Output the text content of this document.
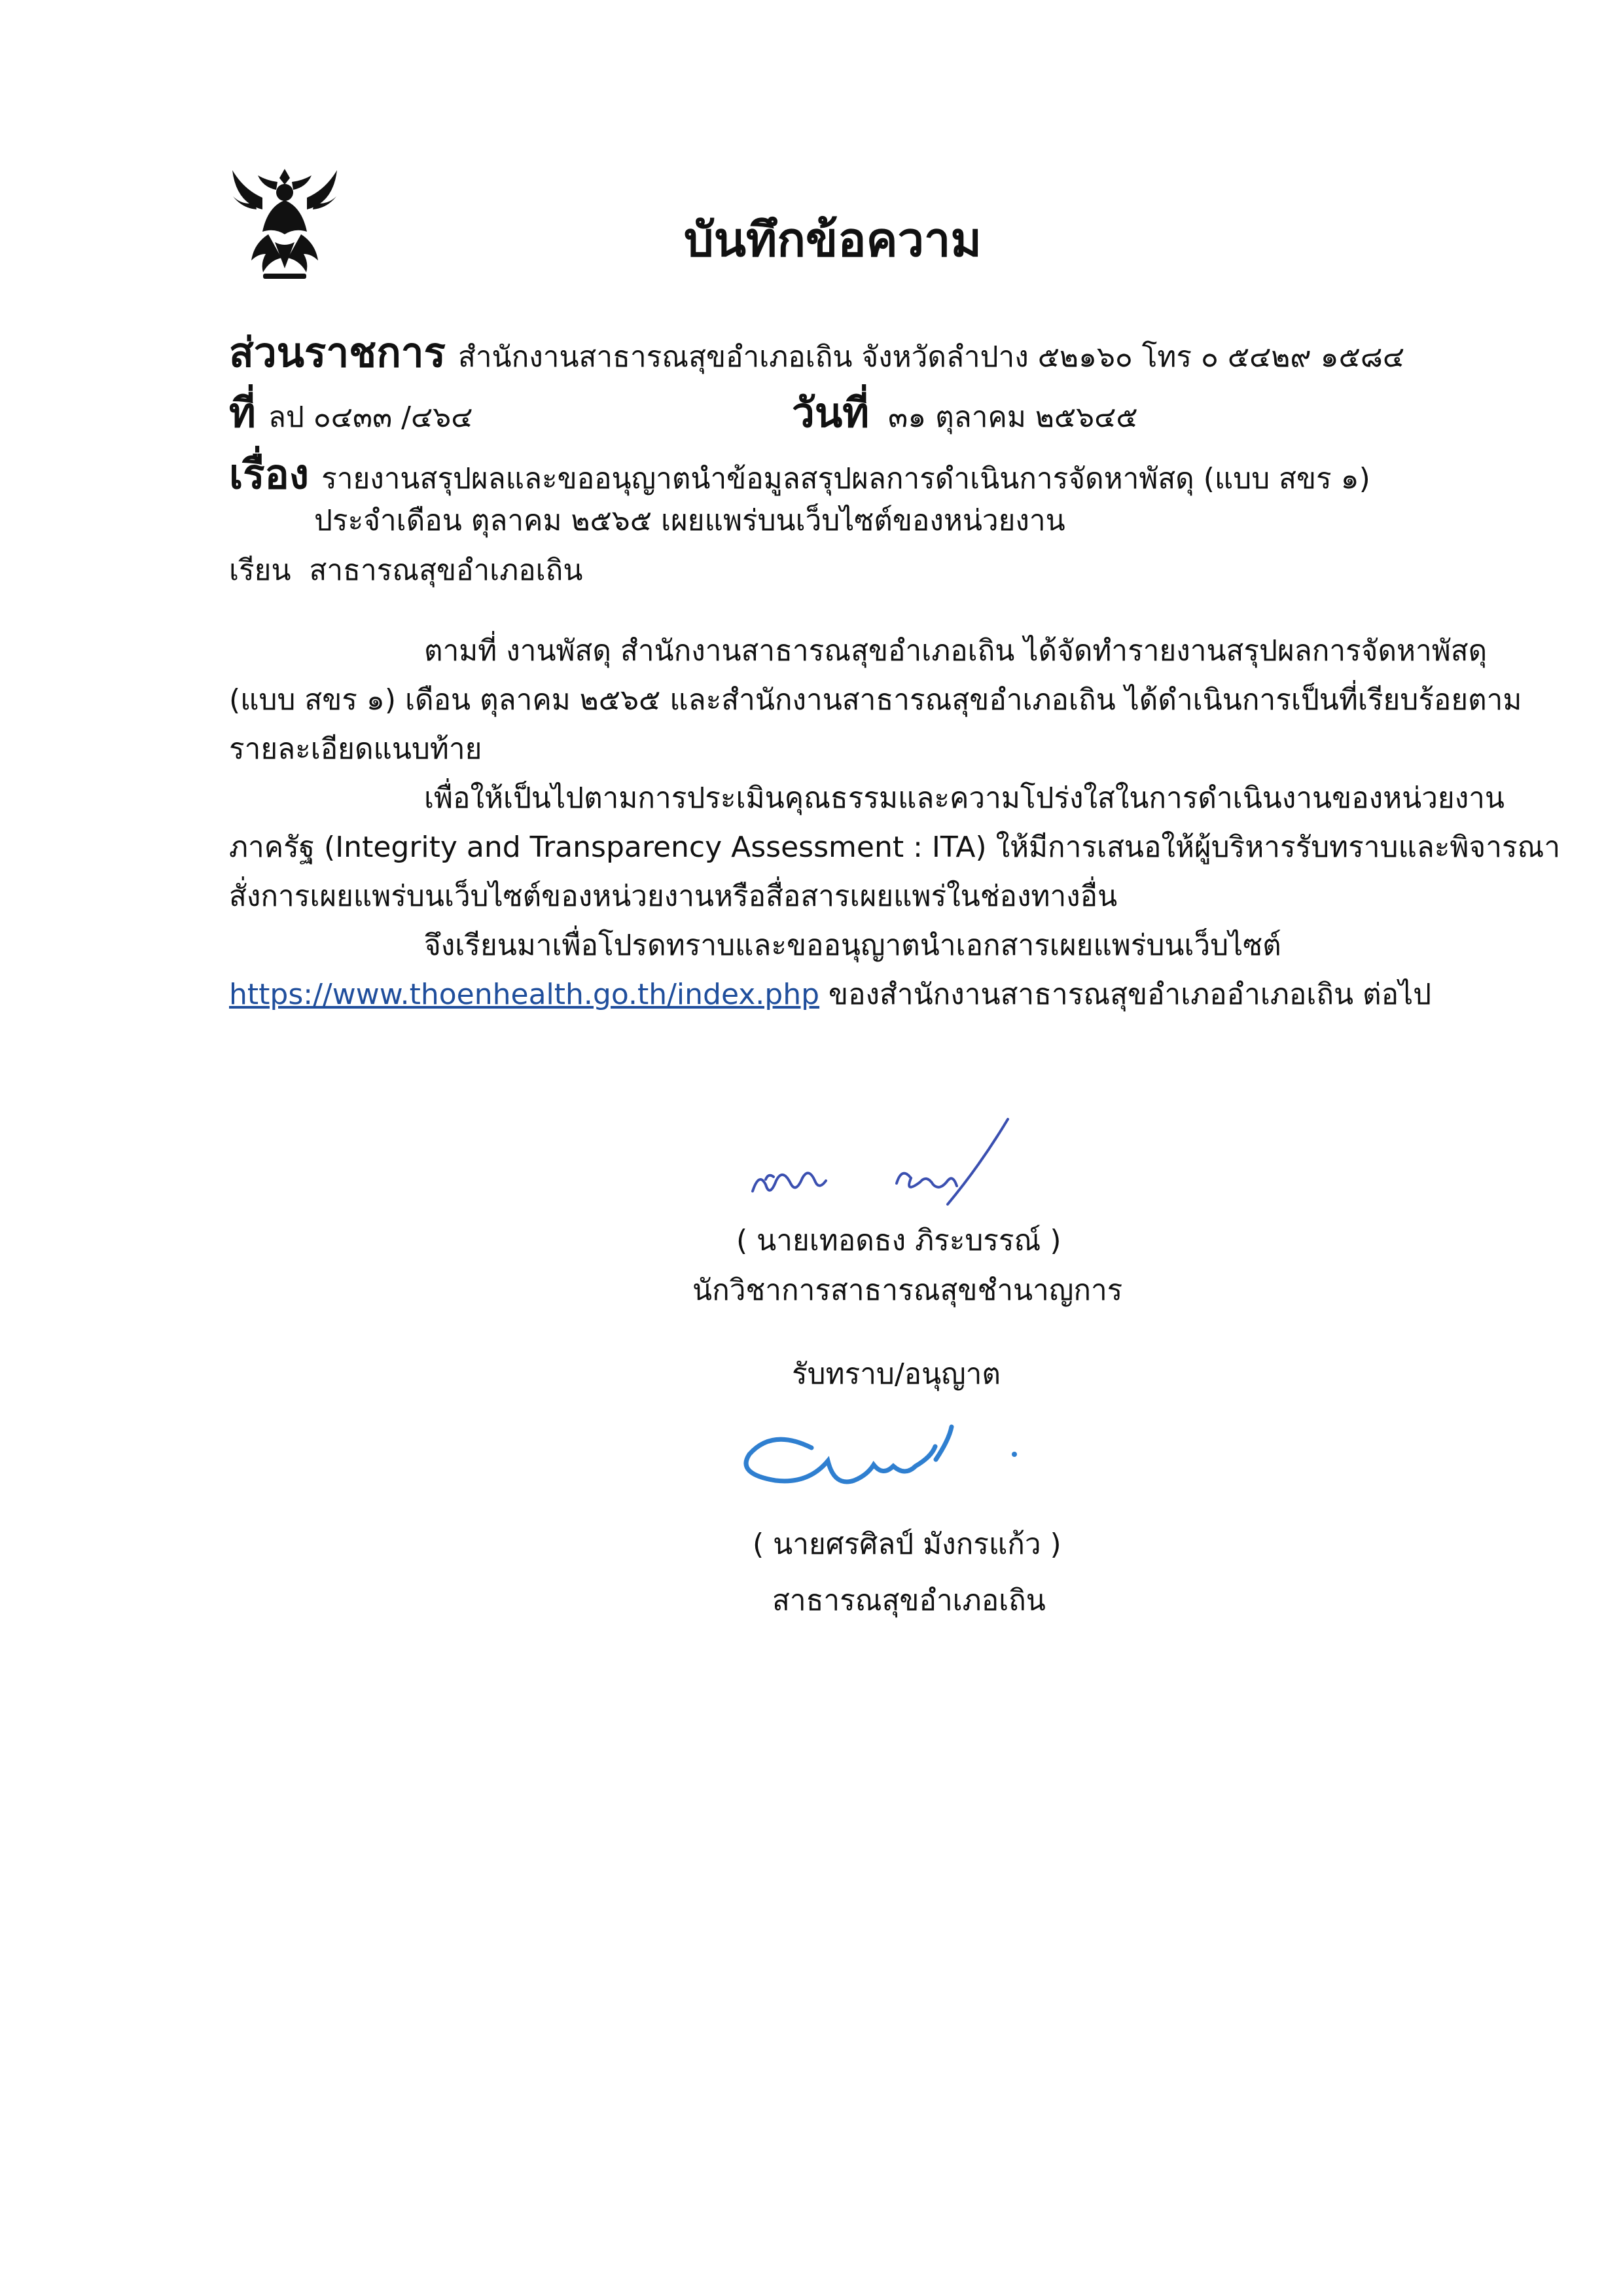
บันทึกข้อความ
ส่วนราชการ สำนักงานสาธารณสุขอำเภอเถิน จังหวัดลำปาง ๕๒๑๖๐ โทร ๐ ๕๔๒๙ ๑๕๘๔
ที่ ลป ๐๔๓๓ /๔๖๔	วันที่ ๓๑ ตุลาคม ๒๕๖๔๕
เรื่อง รายงานสรุปผลและขออนุญาตนำข้อมูลสรุปผลการดำเนินการจัดหาพัสดุ (แบบ สขร ๑)
ประจำเดือน ตุลาคม ๒๕๖๕ เผยแพร่บนเว็บไซต์ของหน่วยงาน
เรียน สาธารณสุขอำเภอเถิน
ตามที่ งานพัสดุ สำนักงานสาธารณสุขอำเภอเถิน ได้จัดทำรายงานสรุปผลการจัดหาพัสดุ
(แบบ สขร ๑) เดือน ตุลาคม ๒๕๖๕ และสำนักงานสาธารณสุขอำเภอเถิน ได้ดำเนินการเป็นที่เรียบร้อยตาม
รายละเอียดแนบท้าย
เพื่อให้เป็นไปตามการประเมินคุณธรรมและความโปร่งใสในการดำเนินงานของหน่วยงาน
ภาครัฐ (Integrity and Transparency Assessment : ITA) ให้มีการเสนอให้ผู้บริหารรับทราบและพิจารณา
สั่งการเผยแพร่บนเว็บไซต์ของหน่วยงานหรือสื่อสารเผยแพร่ในช่องทางอื่น
จึงเรียนมาเพื่อโปรดทราบและขออนุญาตนำเอกสารเผยแพร่บนเว็บไซต์
https://www.thoenhealth.go.th/index.php ของสำนักงานสาธารณสุขอำเภออำเภอเถิน ต่อไป
( นายเทอดธง ภิระบรรณ์ )
นักวิชาการสาธารณสุขชำนาญการ
รับทราบ/อนุญาต
( นายศรศิลป์ มังกรแก้ว )
สาธารณสุขอำเภอเถิน
